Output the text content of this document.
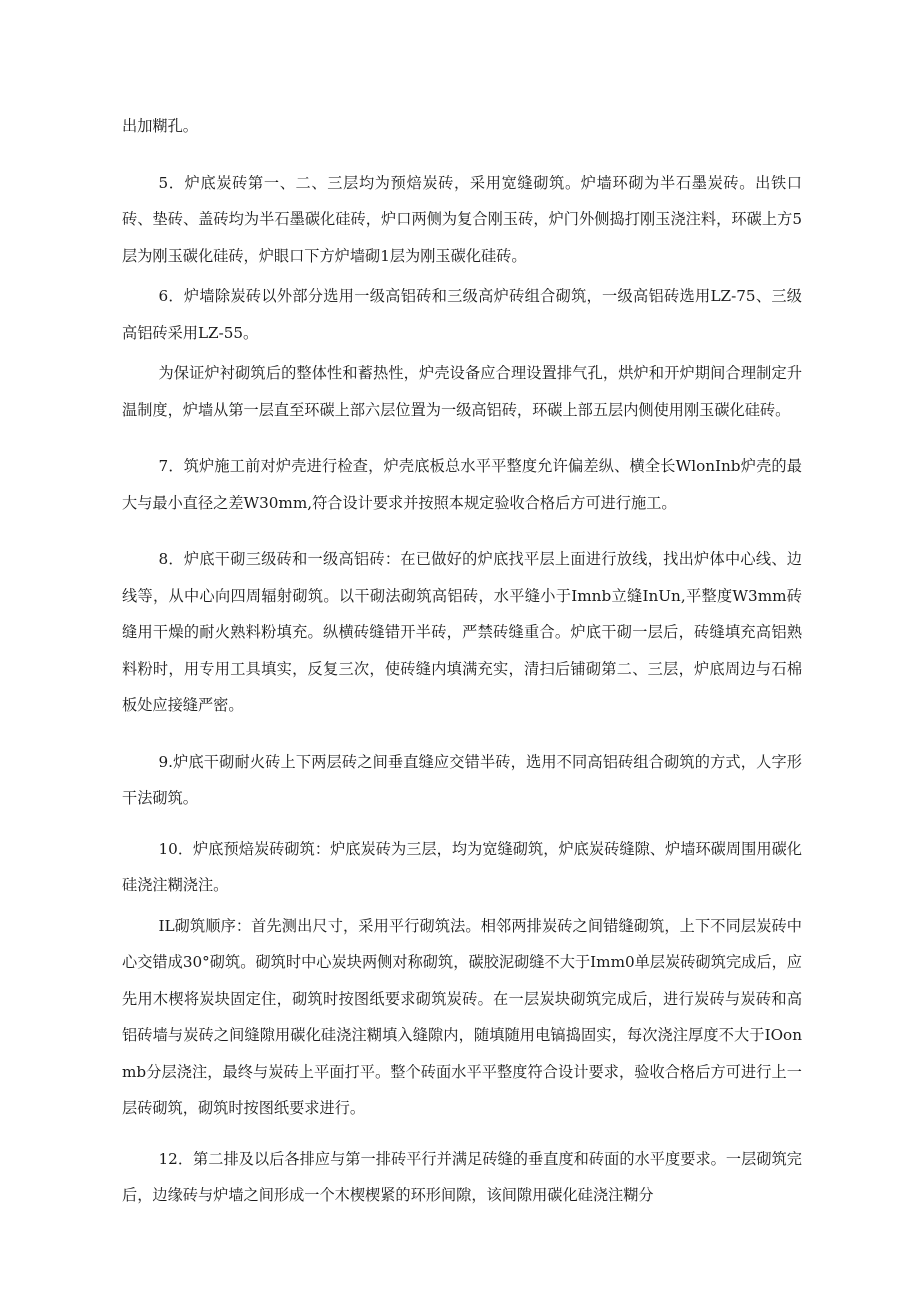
出加糊孔。

5．炉底炭砖第一、二、三层均为预焙炭砖，采用宽缝砌筑。炉墙环砌为半石墨炭砖。出铁口砖、垫砖、盖砖均为半石墨碳化硅砖，炉口两侧为复合刚玉砖，炉门外侧捣打刚玉浇注料，环碳上方5层为刚玉碳化硅砖，炉眼口下方炉墙砌1层为刚玉碳化硅砖。

6．炉墙除炭砖以外部分选用一级高铝砖和三级高炉砖组合砌筑，一级高铝砖选用LZ-75、三级高铝砖采用LZ-55。

为保证炉衬砌筑后的整体性和蓄热性，炉壳设备应合理设置排气孔，烘炉和开炉期间合理制定升温制度，炉墙从第一层直至环碳上部六层位置为一级高铝砖，环碳上部五层内侧使用刚玉碳化硅砖。

7．筑炉施工前对炉壳进行检查，炉壳底板总水平平整度允许偏差纵、横全长WlonInb炉壳的最大与最小直径之差W30mm,符合设计要求并按照本规定验收合格后方可进行施工。

8．炉底干砌三级砖和一级高铝砖：在已做好的炉底找平层上面进行放线，找出炉体中心线、边线等，从中心向四周辐射砌筑。以干砌法砌筑高铝砖，水平缝小于Imnb立缝InUn,平整度W3mm砖缝用干燥的耐火熟料粉填充。纵横砖缝错开半砖，严禁砖缝重合。炉底干砌一层后，砖缝填充高铝熟料粉时，用专用工具填实，反复三次，使砖缝内填满充实，清扫后铺砌第二、三层，炉底周边与石棉板处应接缝严密。

9.炉底干砌耐火砖上下两层砖之间垂直缝应交错半砖，选用不同高铝砖组合砌筑的方式，人字形干法砌筑。

10．炉底预焙炭砖砌筑：炉底炭砖为三层，均为宽缝砌筑，炉底炭砖缝隙、炉墙环碳周围用碳化硅浇注糊浇注。

IL砌筑顺序：首先测出尺寸，采用平行砌筑法。相邻两排炭砖之间错缝砌筑，上下不同层炭砖中心交错成30°砌筑。砌筑时中心炭块两侧对称砌筑，碳胶泥砌缝不大于Imm0单层炭砖砌筑完成后，应先用木楔将炭块固定住，砌筑时按图纸要求砌筑炭砖。在一层炭块砌筑完成后，进行炭砖与炭砖和高铝砖墙与炭砖之间缝隙用碳化硅浇注糊填入缝隙内，随填随用电镐捣固实，每次浇注厚度不大于IOonmb分层浇注，最终与炭砖上平面打平。整个砖面水平平整度符合设计要求，验收合格后方可进行上一层砖砌筑，砌筑时按图纸要求进行。

12．第二排及以后各排应与第一排砖平行并满足砖缝的垂直度和砖面的水平度要求。一层砌筑完后，边缘砖与炉墙之间形成一个木楔楔紧的环形间隙，该间隙用碳化硅浇注糊分
